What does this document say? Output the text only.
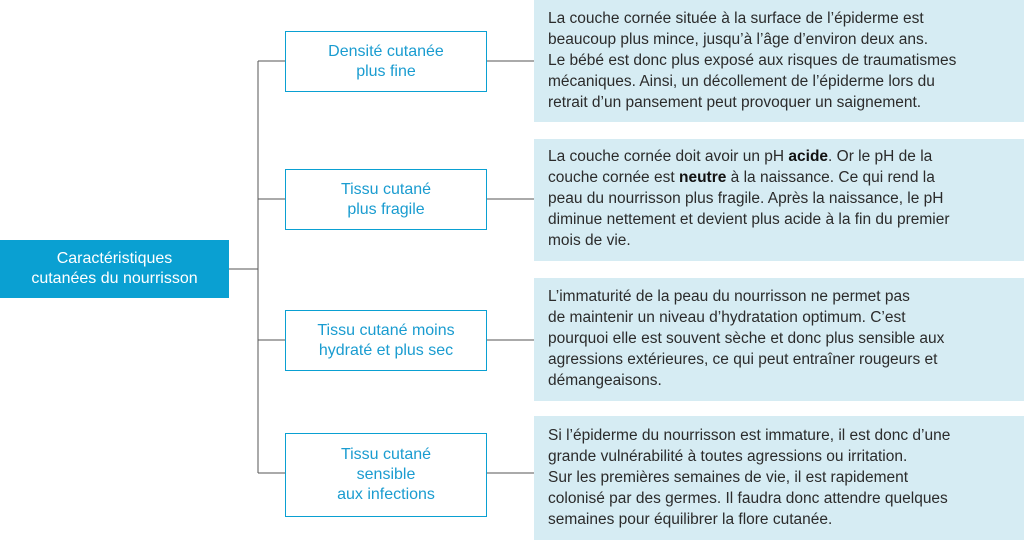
Caractéristiques
cutanées du nourrisson
Densité cutanée
plus fine

La couche cornée située à la surface de l’épiderme est

beaucoup plus mince, jusqu’à l’âge d’environ deux ans.

Le bébé est donc plus exposé aux risques de traumatismes

mécaniques. Ainsi, un décollement de l’épiderme lors du

retrait d’un pansement peut provoquer un saignement.

Tissu cutané
plus fragile

La couche cornée doit avoir un pH acide. Or le pH de la

couche cornée est neutre à la naissance. Ce qui rend la

peau du nourrisson plus fragile. Après la naissance, le pH

diminue nettement et devient plus acide à la fin du premier

mois de vie.

Tissu cutané moins
hydraté et plus sec

L’immaturité de la peau du nourrisson ne permet pas

de maintenir un niveau d’hydratation optimum. C’est

pourquoi elle est souvent sèche et donc plus sensible aux

agressions extérieures, ce qui peut entraîner rougeurs et

démangeaisons.

Tissu cutané
sensible
aux infections

Si l’épiderme du nourrisson est immature, il est donc d’une

grande vulnérabilité à toutes agressions ou irritation.

Sur les premières semaines de vie, il est rapidement

colonisé par des germes. Il faudra donc attendre quelques

semaines pour équilibrer la flore cutanée.
